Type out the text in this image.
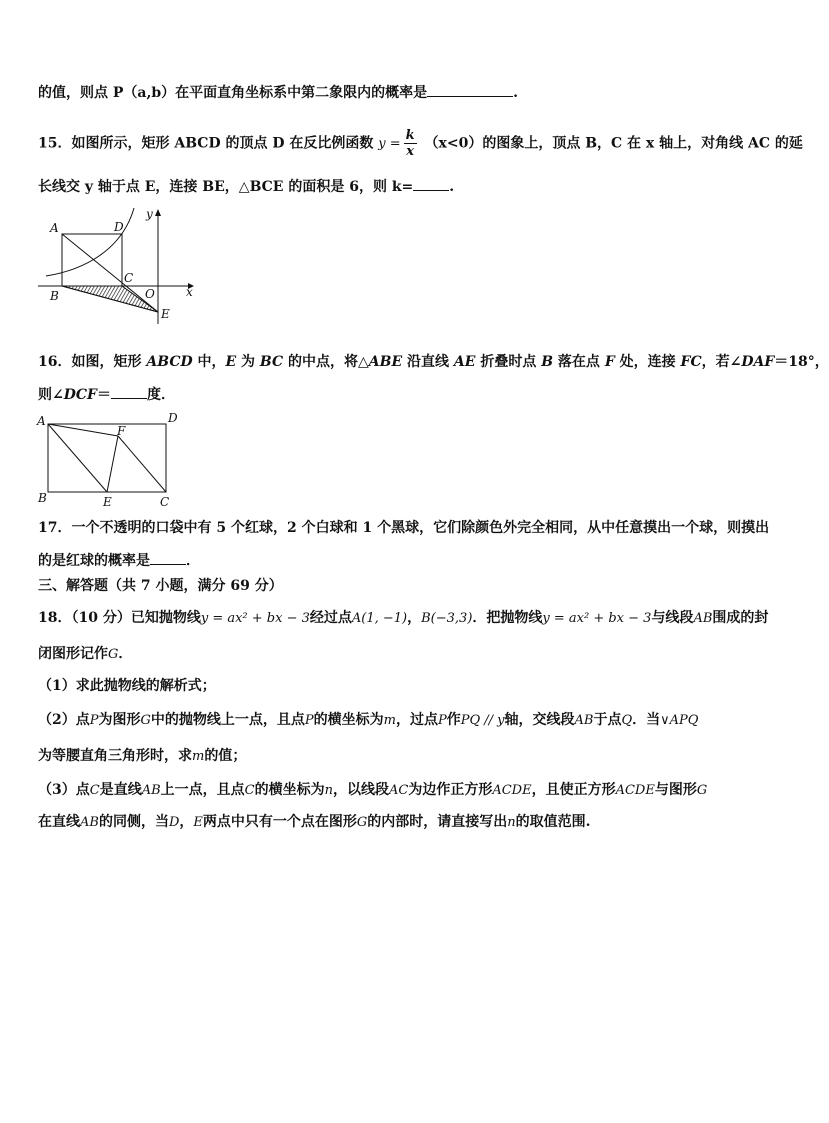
的值，则点 P（a,b）在平面直角坐标系中第二象限内的概率是	.
15．如图所示，矩形 ABCD 的顶点 D 在反比例函数 $y = \frac{k}{x} (x<0)$的图象上，顶点 B，C 在 x 轴上，对角线 AC 的延
长线交 y 轴于点 E，连接 BE，△BCE 的面积是 6，则 k=	.
A	D
y
C
B	O	x
E
16．如图，矩形 ABCD 中，E 为 BC 的中点，将△ABE 沿直线 AE 折叠时点 B 落在点 F 处，连接 FC，若∠DAF＝18°，
则∠DCF＝	度．
A	D
F
B	E	C
17．一个不透明的口袋中有 5 个红球，2 个白球和 1 个黑球，它们除颜色外完全相同，从中任意摸出一个球，则摸出
的是红球的概率是	．
三、解答题（共 7 小题，满分 69 分）
18．（10 分）已知抛物线y = ax² + bx − 3经过点A(1, −1)，B(−3,3)．把抛物线y = ax² + bx − 3与线段AB围成的封
闭图形记作G．
（1）求此抛物线的解析式；
（2）点P为图形G中的抛物线上一点，且点P的横坐标为m，过点P作PQ // y轴，交线段AB于点Q．当∨APQ
为等腰直角三角形时，求m的值；
（3）点C是直线AB上一点，且点C的横坐标为n，以线段AC为边作正方形ACDE，且使正方形ACDE与图形G
在直线AB的同侧，当D，E两点中只有一个点在图形G的内部时，请直接写出n的取值范围.
